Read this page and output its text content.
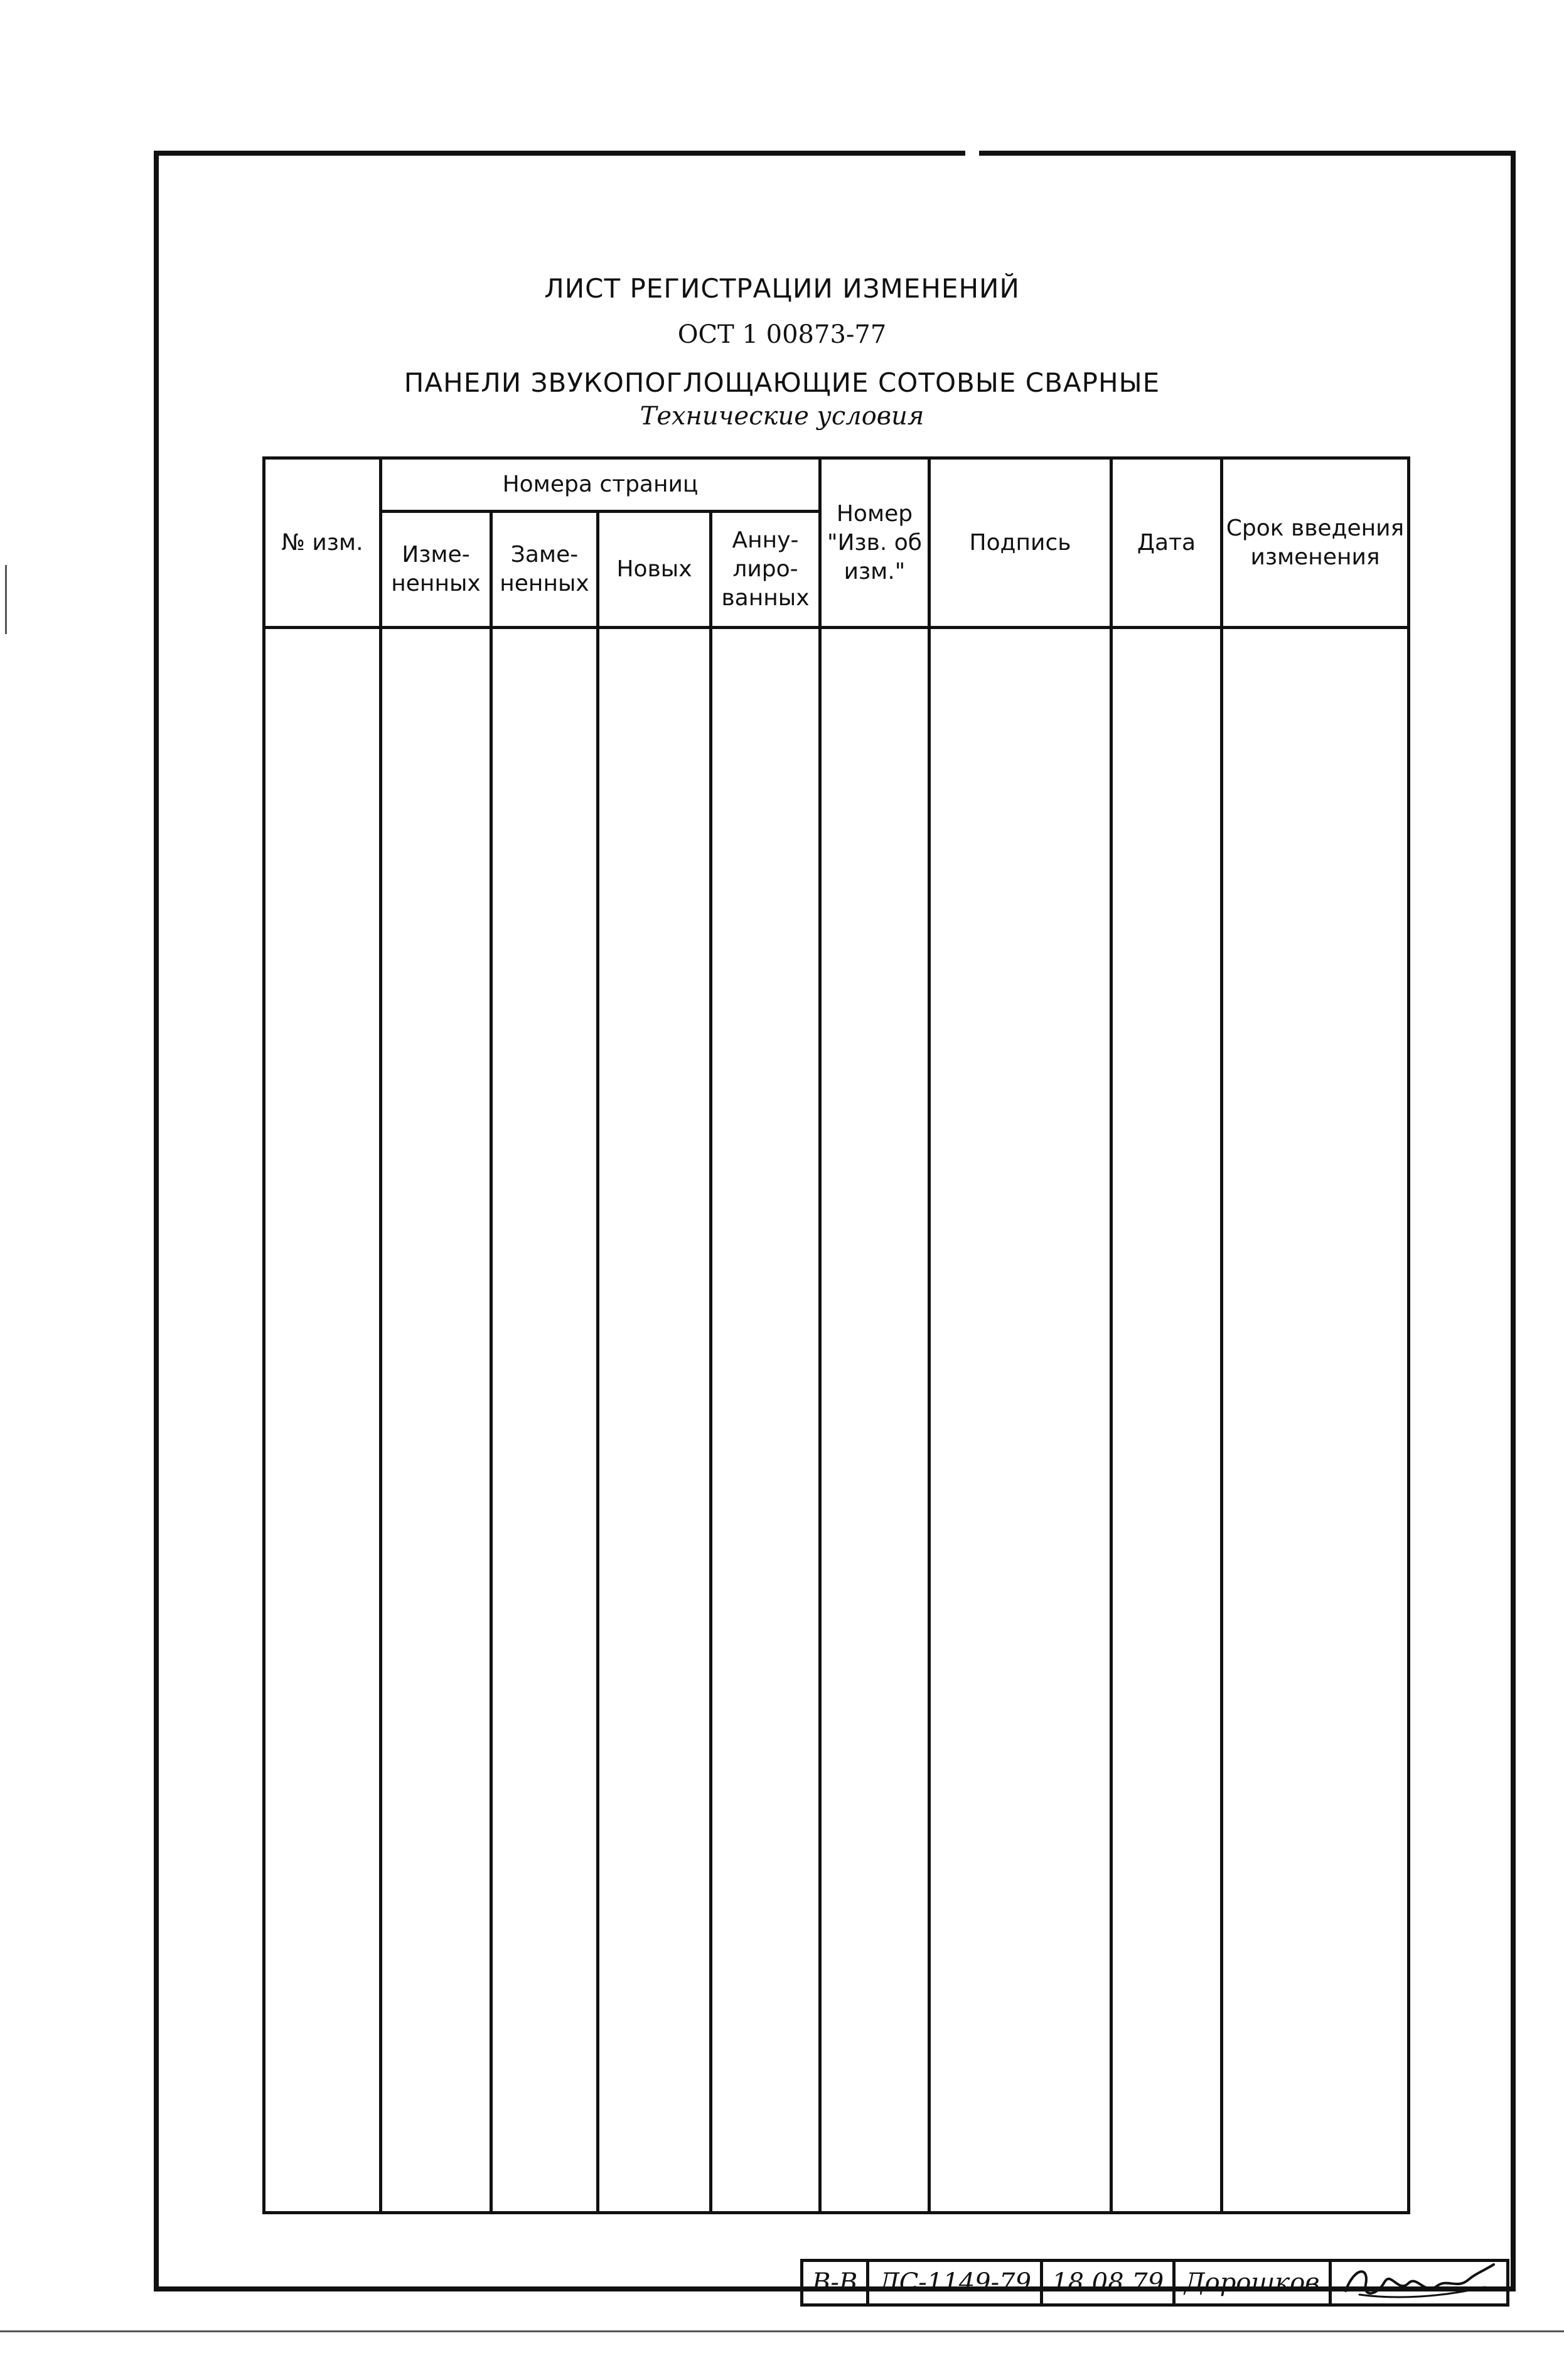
ЛИСТ РЕГИСТРАЦИИ ИЗМЕНЕНИЙ
ОСТ 1 00873-77
ПАНЕЛИ ЗВУКОПОГЛОЩАЮЩИЕ СОТОВЫЕ СВАРНЫЕ
Технические условия
№ изм.	Номера страниц				Номер "Изв. об изм."	Подпись	Дата	Срок введения изменения
	Изме- ненных	Заме- ненных	Новых	Анну- лиро- ванных				

В-В ЛС-1149-79 18.08.79 Дорошков
